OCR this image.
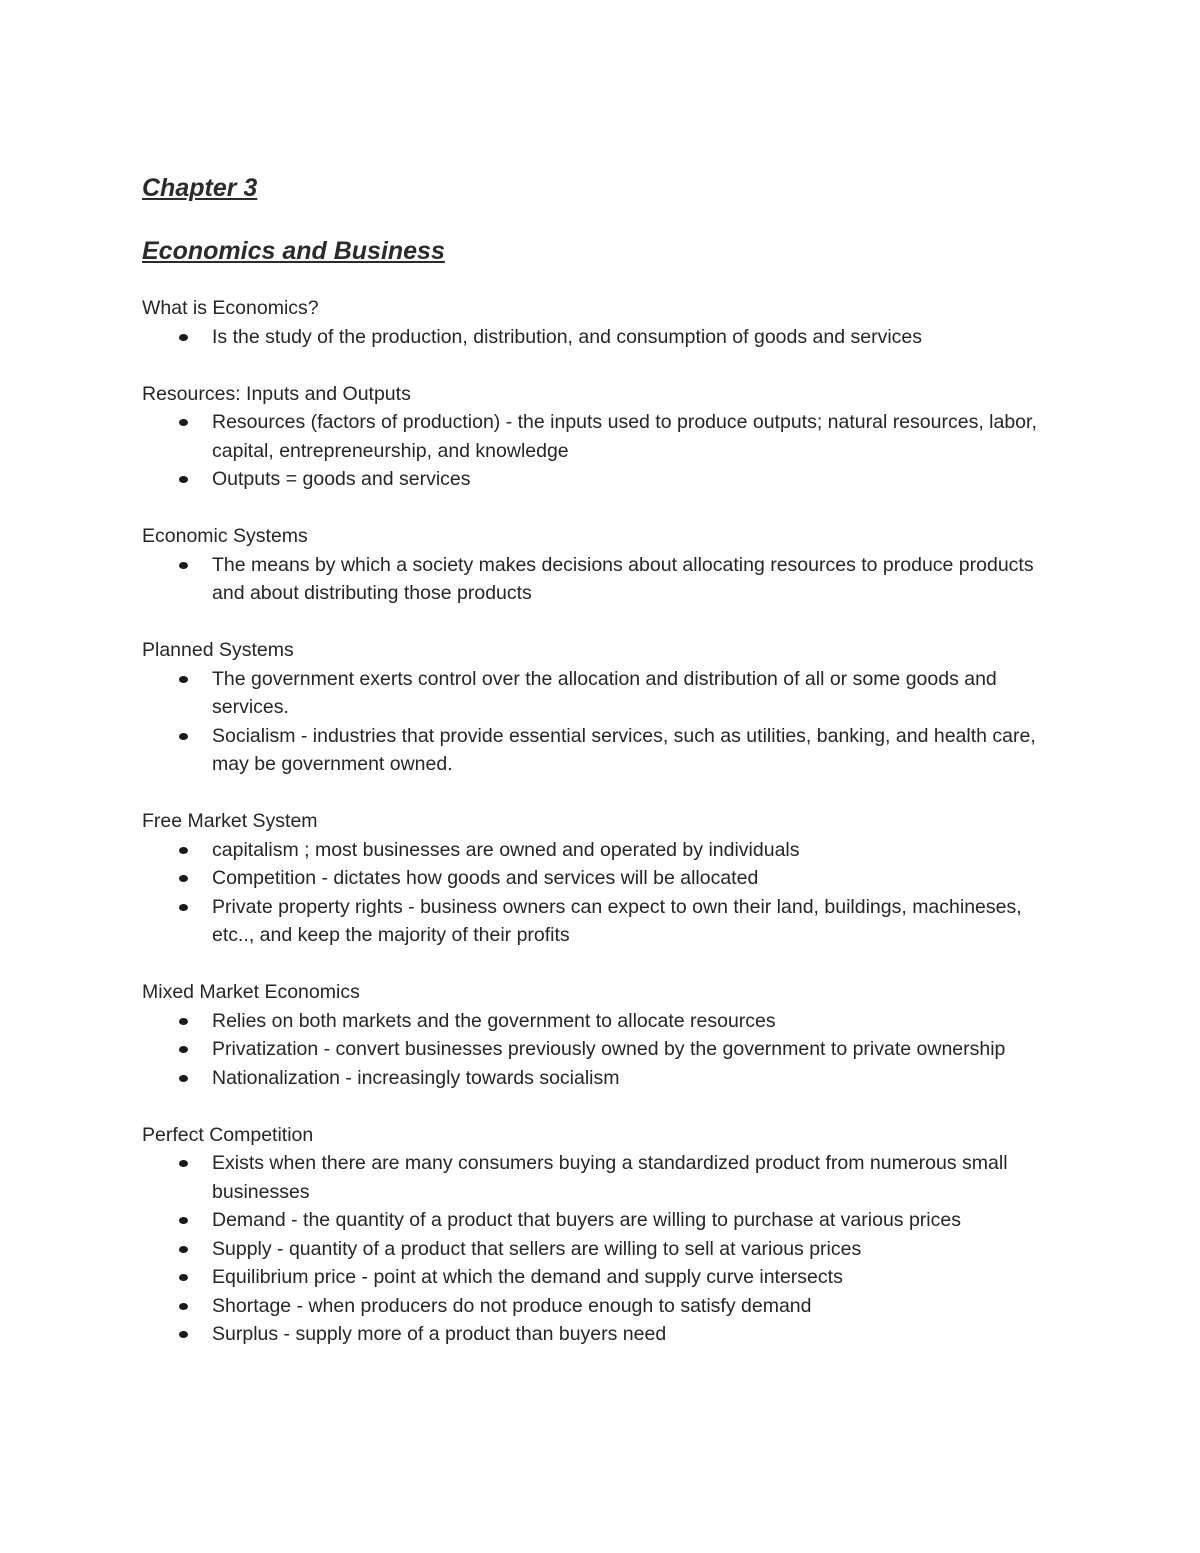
Chapter 3
Economics and Business

What is Economics?

Is the study of the production, distribution, and consumption of goods and services

Resources: Inputs and Outputs

Resources (factors of production) - the inputs used to produce outputs; natural resources, labor, capital, entrepreneurship, and knowledge
Outputs = goods and services

Economic Systems

The means by which a society makes decisions about allocating resources to produce products and about distributing those products

Planned Systems

The government exerts control over the allocation and distribution of all or some goods and services.
Socialism - industries that provide essential services, such as utilities, banking, and health care, may be government owned.

Free Market System

capitalism ; most businesses are owned and operated by individuals
Competition - dictates how goods and services will be allocated
Private property rights - business owners can expect to own their land, buildings, machineses, etc.., and keep the majority of their profits

Mixed Market Economics

Relies on both markets and the government to allocate resources
Privatization - convert businesses previously owned by the government to private ownership
Nationalization - increasingly towards socialism

Perfect Competition

Exists when there are many consumers buying a standardized product from numerous small businesses
Demand - the quantity of a product that buyers are willing to purchase at various prices
Supply - quantity of a product that sellers are willing to sell at various prices
Equilibrium price - point at which the demand and supply curve intersects
Shortage - when producers do not produce enough to satisfy demand
Surplus - supply more of a product than buyers need
